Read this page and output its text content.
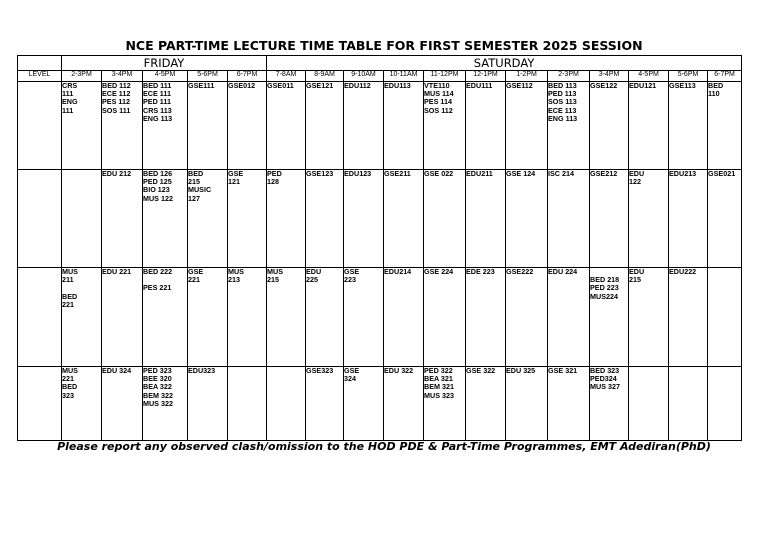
NCE PART-TIME LECTURE TIME TABLE FOR FIRST SEMESTER 2025 SESSION
	FRIDAY					SATURDAY											
LEVEL	2-3PM	3-4PM	4-5PM	5-6PM	6-7PM	7-8AM	8-9AM	9-10AM	10-11AM	11-12PM	12-1PM	1-2PM	2-3PM	3-4PM	4-5PM	5-6PM	6-7PM
	CRS
111
ENG
111	BED 112
ECE 112
PES 112
SOS 111	BED 111
ECE 111
PED 111
CRS 113
ENG 113	GSE111	GSE012	GSE011	GSE121	EDU112	EDU113	VTE110
MUS 114
PES 114
SOS 112	EDU111	GSE112	BED 113
PED 113
SOS 113
ECE 113
ENG 113	GSE122	EDU121	GSE113	BED
110
		EDU 212	BED 126
PED 125
BIO 123
MUS 122	BED
215
MUSIC
127	GSE
121	PED
128	GSE123	EDU123	GSE211	GSE 022	EDU211	GSE 124	ISC 214	GSE212	EDU
122	EDU213	GSE021
	MUS
211

BED
221	EDU 221	BED 222

PES 221	GSE
221	MUS
213	MUS
215	EDU
225	GSE
223	EDU214	GSE 224	EDE 223	GSE222	EDU 224	
BED 218
PED 223
MUS224	EDU
215	EDU222	
	MUS
221
BED
323	EDU 324	PED 323
BEE 320
BEA 322
BEM 322
MUS 322	EDU323			GSE323	GSE
324	EDU 322	PED 322
BEA 321
BEM 321
MUS 323	GSE 322	EDU 325	GSE 321	BED 323
PED324
MUS 327			
Please report any observed clash/omission to the HOD PDE & Part-Time Programmes, EMT Adediran(PhD)
